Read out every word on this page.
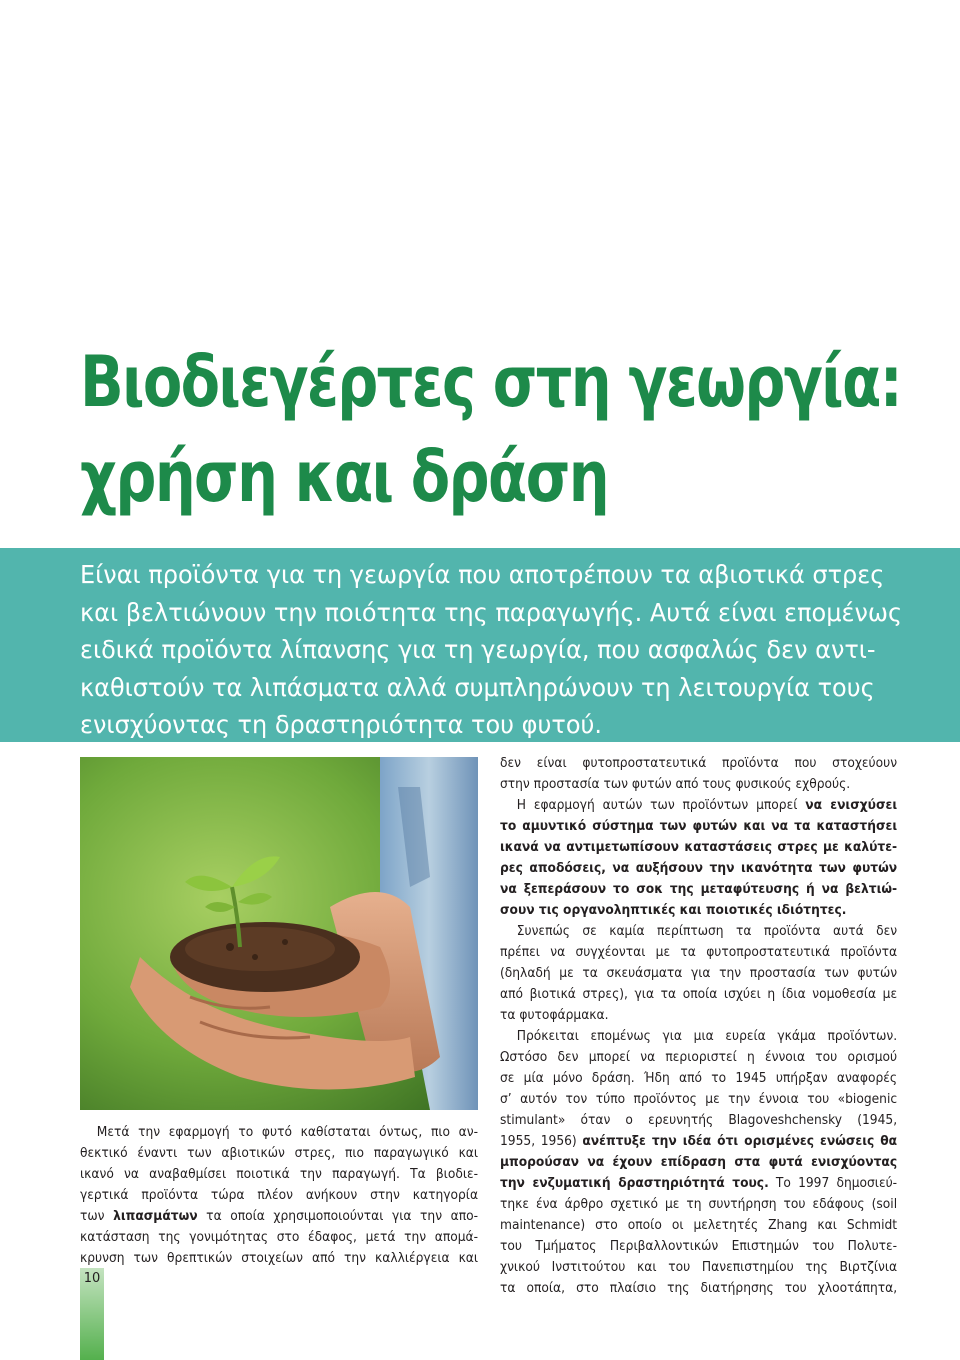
Βιοδιεγέρτες στη γεωργία:
χρήση και δράση
Είναι προϊόντα για τη γεωργία που αποτρέπουν τα αβιοτικά στρες
και βελτιώνουν την ποιότητα της παραγωγής. Αυτά είναι επομένως
ειδικά προϊόντα λίπανσης για τη γεωργία, που ασφαλώς δεν αντι-
καθιστούν τα λιπάσματα αλλά συμπληρώνουν τη λειτουργία τους
ενισχύοντας τη δραστηριότητα του φυτού.

Μετά την εφαρμογή το φυτό καθίσταται όντως, πιο αν-

θεκτικό έναντι των αβιοτικών στρες, πιο παραγωγικό και
ικανό να αναβαθμίσει ποιοτικά την παραγωγή. Τα βιοδιε-
γερτικά προϊόντα τώρα πλέον ανήκουν στην κατηγορία
των λιπασμάτων τα οποία χρησιμοποιούνται για την απο-
κατάσταση της γονιμότητας στο έδαφος, μετά την απομά-
κρυνση των θρεπτικών στοιχείων από την καλλιέργεια και
δεν είναι φυτοπροστατευτικά προϊόντα που στοχεύουν
στην προστασία των φυτών από τους φυσικούς εχθρούς.
Η εφαρμογή αυτών των προϊόντων μπορεί να ενισχύσει
το αμυντικό σύστημα των φυτών και να τα καταστήσει
ικανά να αντιμετωπίσουν καταστάσεις στρες με καλύτε-
ρες αποδόσεις, να αυξήσουν την ικανότητα των φυτών
να ξεπεράσουν το σοκ της μεταφύτευσης ή να βελτιώ-
σουν τις οργανοληπτικές και ποιοτικές ιδιότητες.
Συνεπώς σε καμία περίπτωση τα προϊόντα αυτά δεν
πρέπει να συγχέονται με τα φυτοπροστατευτικά προϊόντα
(δηλαδή με τα σκευάσματα για την προστασία των φυτών
από βιοτικά στρες), για τα οποία ισχύει η ίδια νομοθεσία με
τα φυτοφάρμακα.
Πρόκειται επομένως για μια ευρεία γκάμα προϊόντων.
Ωστόσο δεν μπορεί να περιοριστεί η έννοια του ορισμού
σε μία μόνο δράση. Ήδη από το 1945 υπήρξαν αναφορές
σ’ αυτόν τον τύπο προϊόντος με την έννοια του «biogenic
stimulant» όταν ο ερευνητής Blagoveshchensky (1945,
1955, 1956) ανέπτυξε την ιδέα ότι ορισμένες ενώσεις θα
μπορούσαν να έχουν επίδραση στα φυτά ενισχύοντας
την ενζυματική δραστηριότητά τους. Το 1997 δημοσιεύ-
τηκε ένα άρθρο σχετικό με τη συντήρηση του εδάφους (soil
maintenance) στο οποίο οι μελετητές Zhang και Schmidt
του Τμήματος Περιβαλλοντικών Επιστημών του Πολυτε-
χνικού Ινστιτούτου και του Πανεπιστημίου της Βιρτζίνια
τα οποία, στο πλαίσιο της διατήρησης του χλοοτάπητα,
10
